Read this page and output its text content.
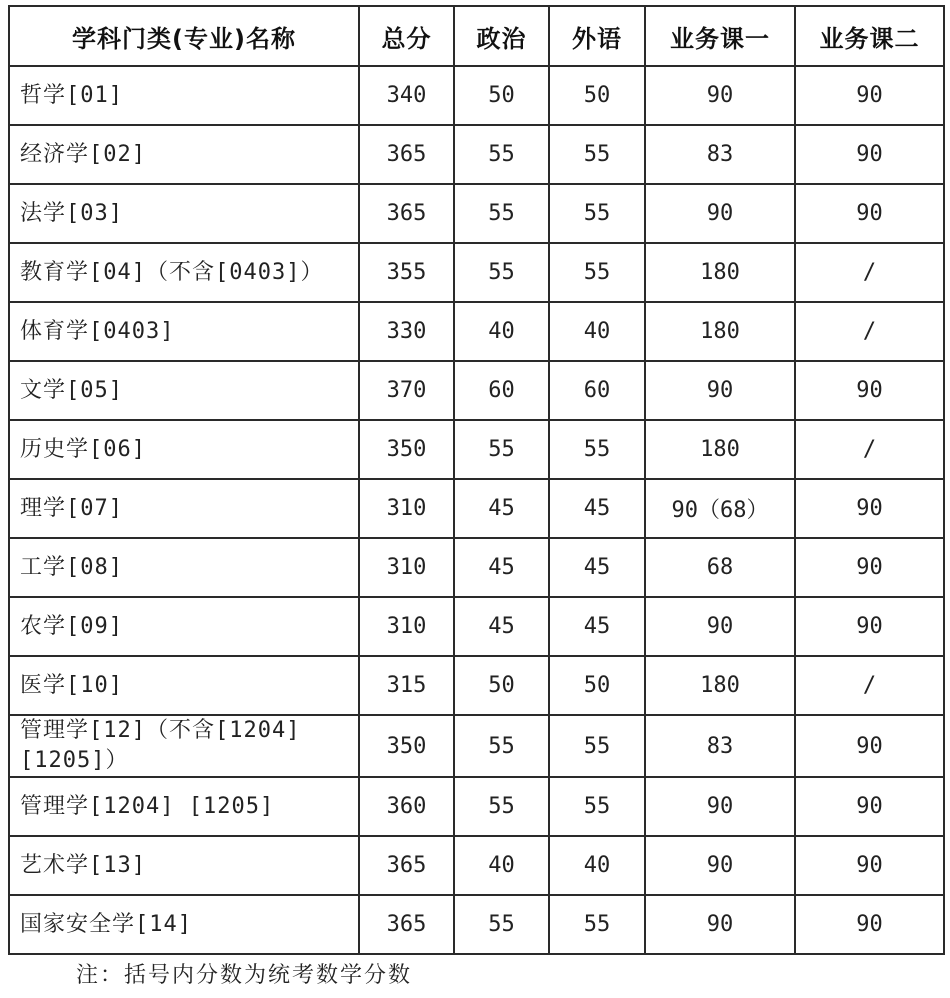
学科门类(专业)名称	总分	政治	外语	业务课一	业务课二
哲学[01]	340	50	50	90	90
经济学[02]	365	55	55	83	90
法学[03]	365	55	55	90	90
教育学[04]（不含[0403]）	355	55	55	180	/
体育学[0403]	330	40	40	180	/
文学[05]	370	60	60	90	90
历史学[06]	350	55	55	180	/
理学[07]	310	45	45	90（68）	90
工学[08]	310	45	45	68	90
农学[09]	310	45	45	90	90
医学[10]	315	50	50	180	/
管理学[12]（不含[1204][1205]）	350	55	55	83	90
管理学[1204] [1205]	360	55	55	90	90
艺术学[13]	365	40	40	90	90
国家安全学[14]	365	55	55	90	90
注：括号内分数为统考数学分数
